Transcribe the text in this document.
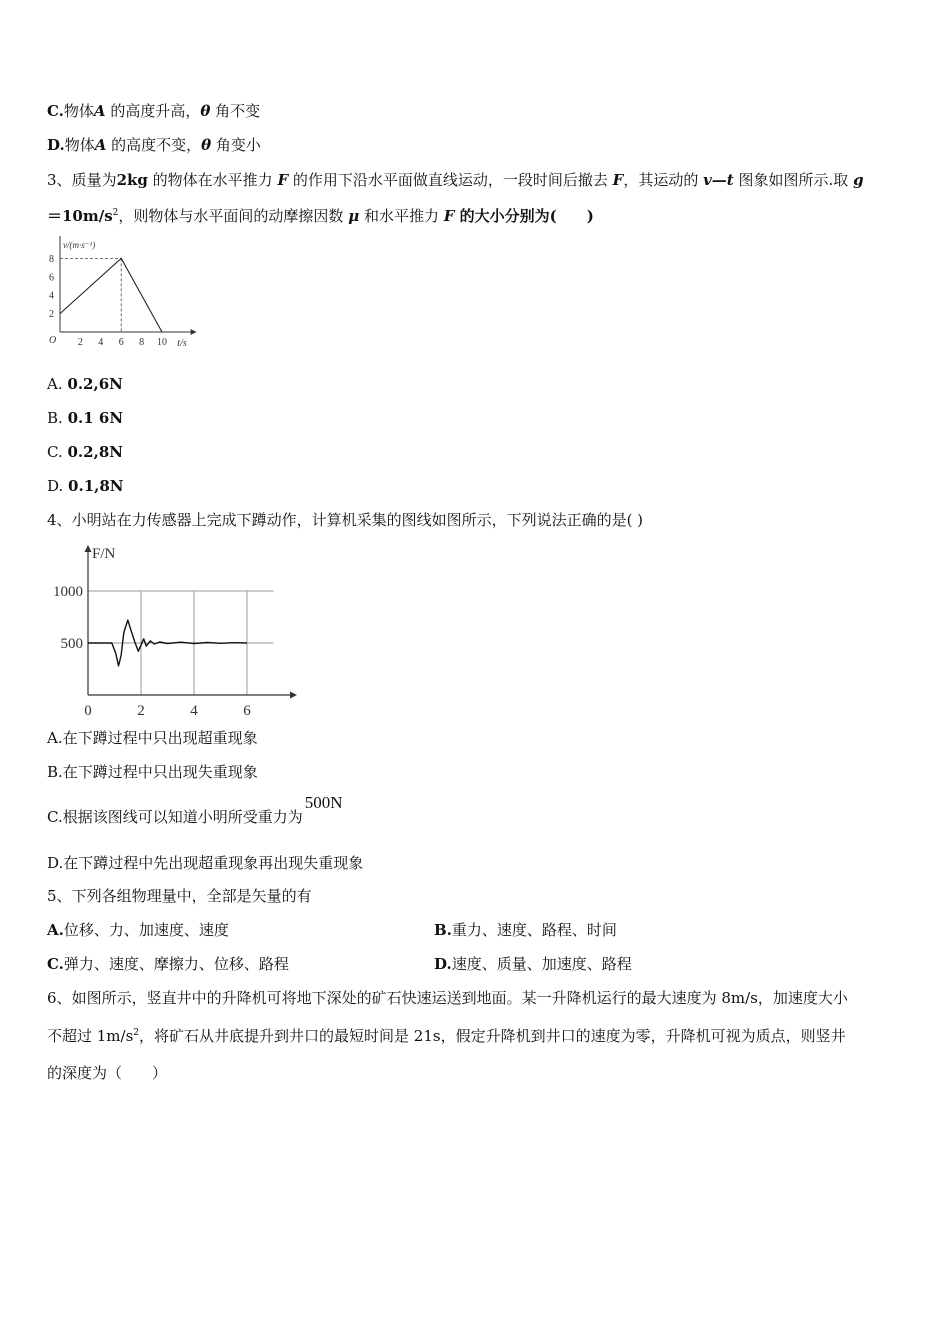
C.物体A 的高度升高，θ 角不变
D.物体A 的高度不变，θ 角变小
3、质量为2kg 的物体在水平推力 F 的作用下沿水平面做直线运动，一段时间后撤去 F，其运动的 v—t 图象如图所示.取 g
$=10m/s^2$，则物体与水平面间的动摩擦因数 μ 和水平推力 F 的大小分别为(　　)
v/(m·s⁻¹)
t/s
O 2 4 6 8 10
2
4
6
8
A. 0.2,6N
B. 0.1 6N
C. 0.2,8N
D. 0.1,8N
4、小明站在力传感器上完成下蹲动作，计算机采集的图线如图所示，下列说法正确的是( )
F/N
0	2	4	6
500
1000
A.在下蹲过程中只出现超重现象
B.在下蹲过程中只出现失重现象
C.根据该图线可以知道小明所受重力为500N
D.在下蹲过程中先出现超重现象再出现失重现象
5、下列各组物理量中，全部是矢量的有
A.位移、力、加速度、速度	B.重力、速度、路程、时间
C.弹力、速度、摩擦力、位移、路程	D.速度、质量、加速度、路程
6、如图所示，竖直井中的升降机可将地下深处的矿石快速运送到地面。某一升降机运行的最大速度为 8m/s，加速度大小
不超过 $1m/s^2$，将矿石从井底提升到井口的最短时间是 21s，假定升降机到井口的速度为零，升降机可视为质点，则竖井
的深度为（　　）
